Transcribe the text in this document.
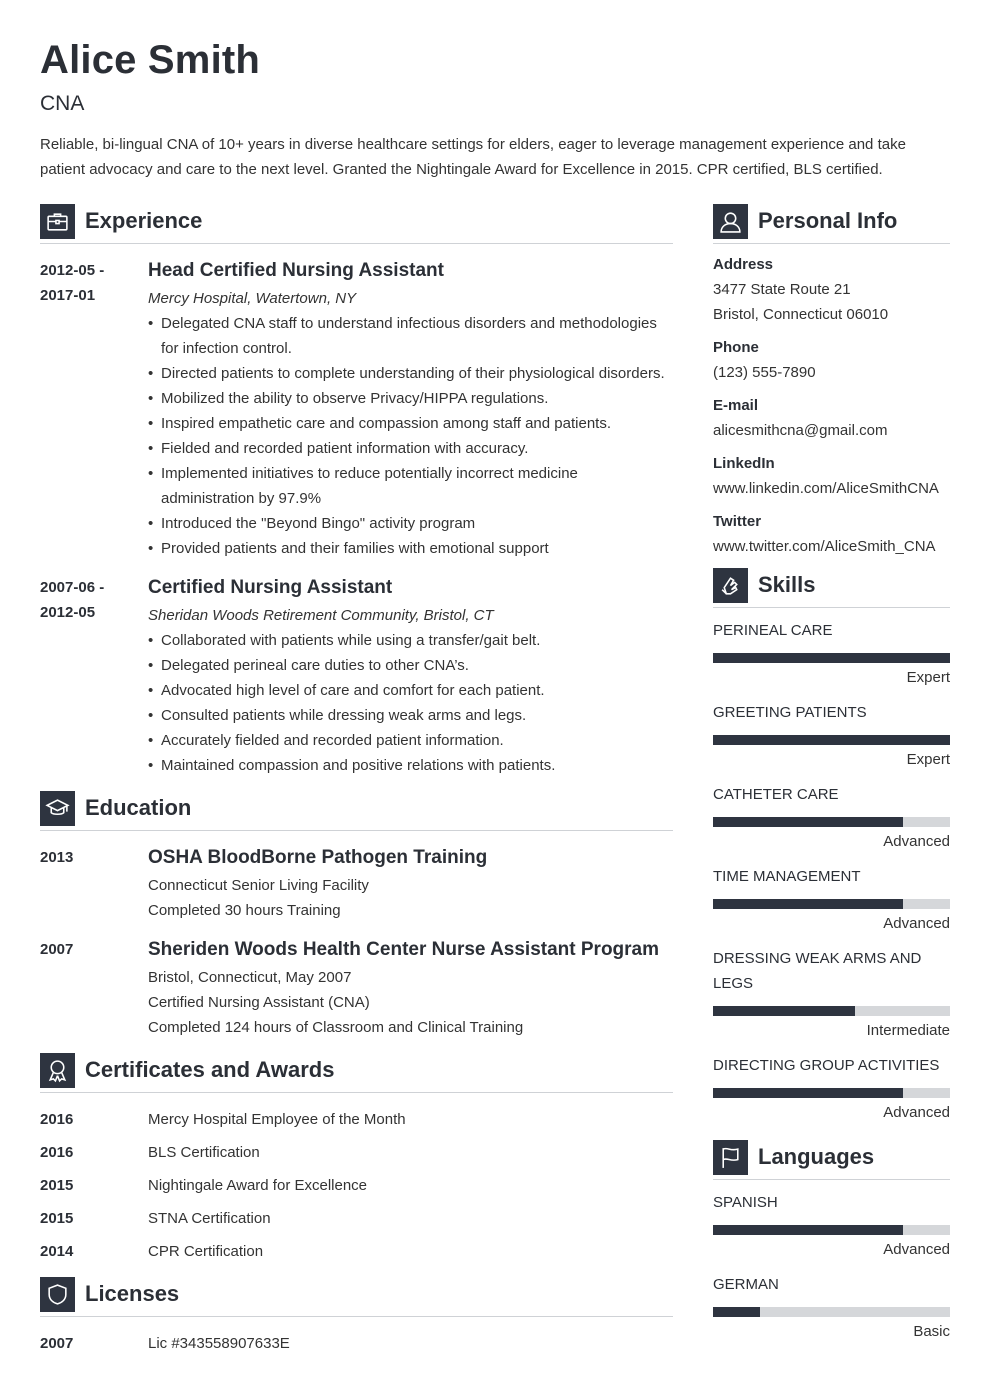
Alice Smith
CNA
Reliable, bi-lingual CNA of 10+ years in diverse healthcare settings for elders, eager to leverage management experience and take patient advocacy and care to the next level. Granted the Nightingale Award for Excellence in 2015. CPR certified, BLS certified.
Experience
2012-05 -
2017-01
Head Certified Nursing Assistant
Mercy Hospital, Watertown, NY
• Delegated CNA staff to understand infectious disorders and methodologies for infection control.
• Directed patients to complete understanding of their physiological disorders.
• Mobilized the ability to observe Privacy/HIPPA regulations.
• Inspired empathetic care and compassion among staff and patients.
• Fielded and recorded patient information with accuracy.
• Implemented initiatives to reduce potentially incorrect medicine administration by 97.9%
• Introduced the "Beyond Bingo" activity program
• Provided patients and their families with emotional support
2007-06 -
2012-05
Certified Nursing Assistant
Sheridan Woods Retirement Community, Bristol, CT
• Collaborated with patients while using a transfer/gait belt.
• Delegated perineal care duties to other CNA’s.
• Advocated high level of care and comfort for each patient.
• Consulted patients while dressing weak arms and legs.
• Accurately fielded and recorded patient information.
• Maintained compassion and positive relations with patients.
Education
2013	OSHA BloodBorne Pathogen Training
Connecticut Senior Living Facility
Completed 30 hours Training
2007	Sheriden Woods Health Center Nurse Assistant Program
Bristol, Connecticut, May 2007
Certified Nursing Assistant (CNA)
Completed 124 hours of Classroom and Clinical Training
Certificates and Awards
2016	Mercy Hospital Employee of the Month
2016	BLS Certification
2015	Nightingale Award for Excellence
2015	STNA Certification
2014	CPR Certification
Licenses
2007	Lic #343558907633E
Personal Info
Address
3477 State Route 21
Bristol, Connecticut 06010
Phone
(123) 555-7890
E-mail
alicesmithcna@gmail.com
LinkedIn
www.linkedin.com/AliceSmithCNA
Twitter
www.twitter.com/AliceSmith_CNA
Skills
PERINEAL CARE
Expert
GREETING PATIENTS
Expert
CATHETER CARE
Advanced
TIME MANAGEMENT
Advanced
DRESSING WEAK ARMS AND LEGS
Intermediate
DIRECTING GROUP ACTIVITIES
Advanced
Languages
SPANISH
Advanced
GERMAN
Basic
